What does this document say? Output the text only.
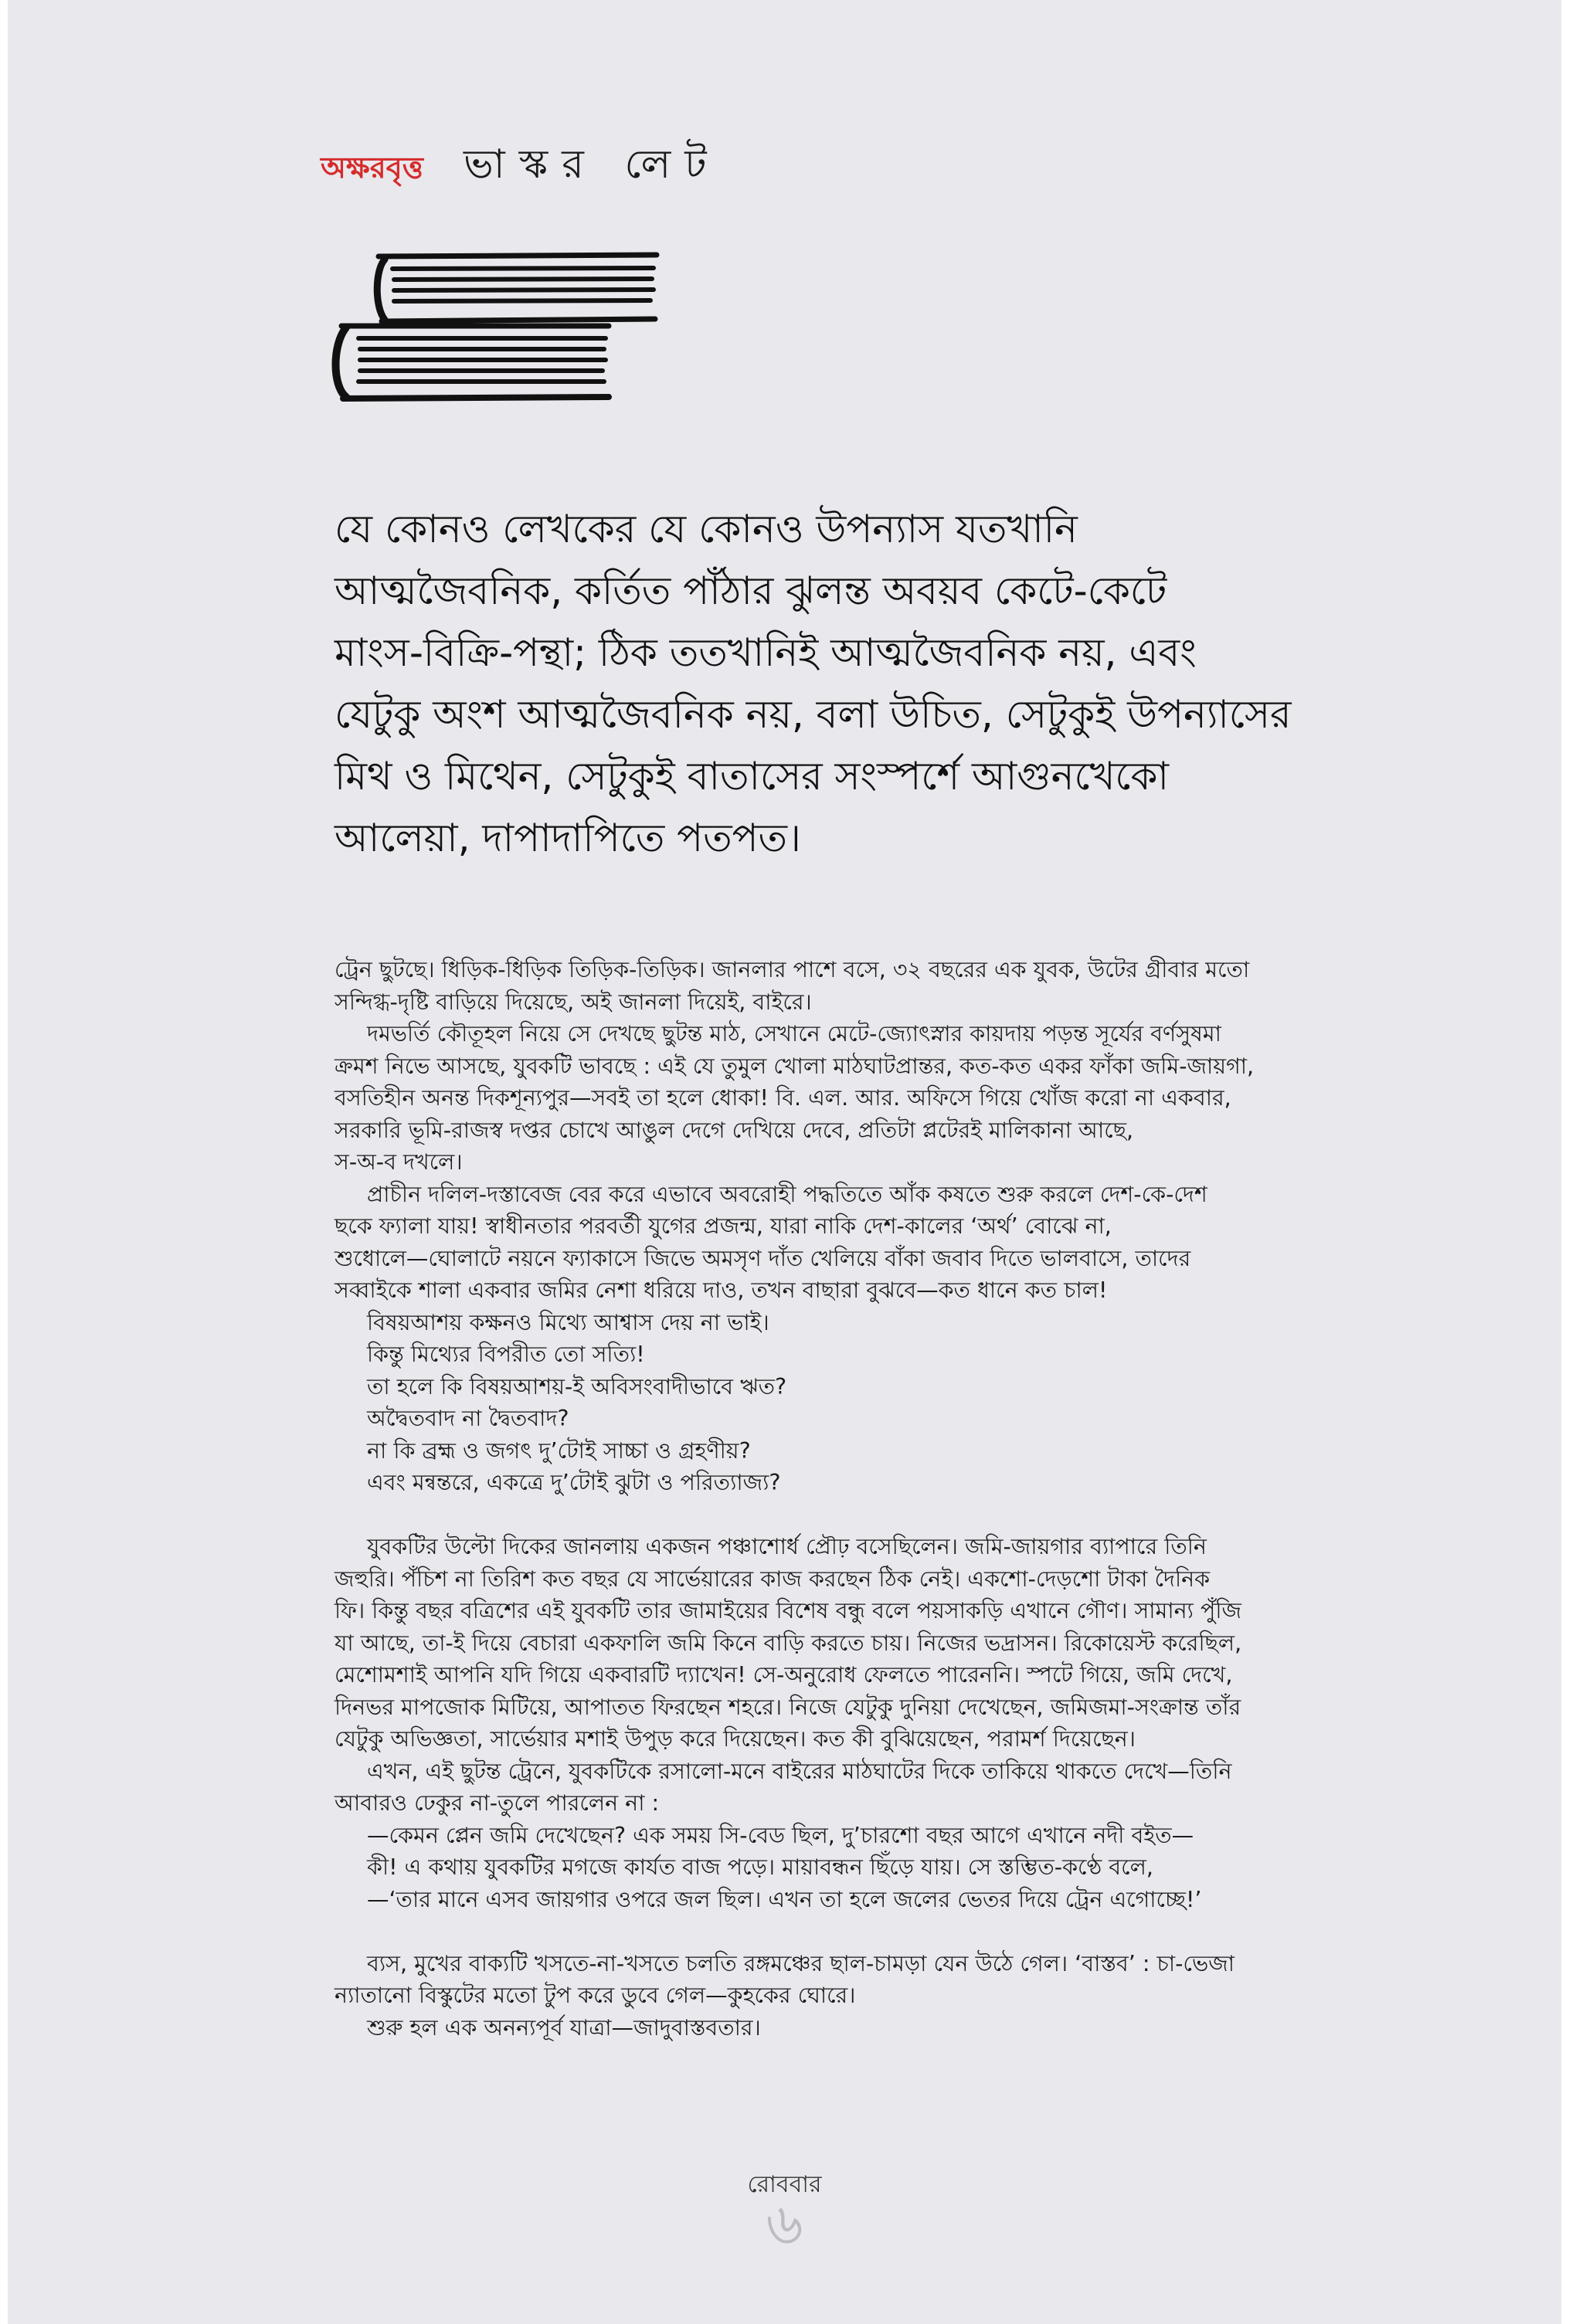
অক্ষরবৃত্ত ভাস্কর লেট
যে কোনও লেখকের যে কোনও উপন্যাস যতখানি
আত্মজৈবনিক, কর্তিত পাঁঠার ঝুলন্ত অবয়ব কেটে-কেটে
মাংস-বিক্রি-পন্থা; ঠিক ততখানিই আত্মজৈবনিক নয়, এবং
যেটুকু অংশ আত্মজৈবনিক নয়, বলা উচিত, সেটুকুই উপন্যাসের
মিথ ও মিথেন, সেটুকুই বাতাসের সংস্পর্শে আগুনখেকো
আলেয়া, দাপাদাপিতে পতপত।

ট্রেন ছুটছে। ধিড়িক-ধিড়িক তিড়িক-তিড়িক। জানলার পাশে বসে, ৩২ বছরের এক যুবক, উটের গ্রীবার মতো

সন্দিগ্ধ-দৃষ্টি বাড়িয়ে দিয়েছে, অই জানলা দিয়েই, বাইরে।

দমভর্তি কৌতূহল নিয়ে সে দেখছে ছুটন্ত মাঠ, সেখানে মেটে-জ্যোৎস্নার কায়দায় পড়ন্ত সূর্যের বর্ণসুষমা

ক্রমশ নিভে আসছে, যুবকটি ভাবছে : এই যে তুমুল খোলা মাঠঘাটপ্রান্তর, কত-কত একর ফাঁকা জমি-জায়গা,

বসতিহীন অনন্ত দিকশূন্যপুর—সবই তা হলে ধোকা! বি. এল. আর. অফিসে গিয়ে খোঁজ করো না একবার,

সরকারি ভূমি-রাজস্ব দপ্তর চোখে আঙুল দেগে দেখিয়ে দেবে, প্রতিটা প্লটেরই মালিকানা আছে,

স-অ-ব দখলে।

প্রাচীন দলিল-দস্তাবেজ বের করে এভাবে অবরোহী পদ্ধতিতে আঁক কষতে শুরু করলে দেশ-কে-দেশ

ছকে ফ্যালা যায়! স্বাধীনতার পরবর্তী যুগের প্রজন্ম, যারা নাকি দেশ-কালের ‘অর্থ’ বোঝে না,

শুধোলে—ঘোলাটে নয়নে ফ্যাকাসে জিভে অমসৃণ দাঁত খেলিয়ে বাঁকা জবাব দিতে ভালবাসে, তাদের

সব্বাইকে শালা একবার জমির নেশা ধরিয়ে দাও, তখন বাছারা বুঝবে—কত ধানে কত চাল!

বিষয়আশয় কক্ষনও মিথ্যে আশ্বাস দেয় না ভাই।

কিন্তু মিথ্যের বিপরীত তো সত্যি!

তা হলে কি বিষয়আশয়-ই অবিসংবাদীভাবে ঋত?

অদ্বৈতবাদ না দ্বৈতবাদ?

না কি ব্রহ্ম ও জগৎ দু’টোই সাচ্চা ও গ্রহণীয়?

এবং মন্বন্তরে, একত্রে দু’টোই ঝুটা ও পরিত্যাজ্য?

যুবকটির উল্টো দিকের জানলায় একজন পঞ্চাশোর্ধ প্রৌঢ় বসেছিলেন। জমি-জায়গার ব্যাপারে তিনি

জহুরি। পঁচিশ না তিরিশ কত বছর যে সার্ভেয়ারের কাজ করছেন ঠিক নেই। একশো-দেড়শো টাকা দৈনিক

ফি। কিন্তু বছর বত্রিশের এই যুবকটি তার জামাইয়ের বিশেষ বন্ধু বলে পয়সাকড়ি এখানে গৌণ। সামান্য পুঁজি

যা আছে, তা-ই দিয়ে বেচারা একফালি জমি কিনে বাড়ি করতে চায়। নিজের ভদ্রাসন। রিকোয়েস্ট করেছিল,

মেশোমশাই আপনি যদি গিয়ে একবারটি দ্যাখেন! সে-অনুরোধ ফেলতে পারেননি। স্পটে গিয়ে, জমি দেখে,

দিনভর মাপজোক মিটিয়ে, আপাতত ফিরছেন শহরে। নিজে যেটুকু দুনিয়া দেখেছেন, জমিজমা-সংক্রান্ত তাঁর

যেটুকু অভিজ্ঞতা, সার্ভেয়ার মশাই উপুড় করে দিয়েছেন। কত কী বুঝিয়েছেন, পরামর্শ দিয়েছেন।

এখন, এই ছুটন্ত ট্রেনে, যুবকটিকে রসালো-মনে বাইরের মাঠঘাটের দিকে তাকিয়ে থাকতে দেখে—তিনি

আবারও ঢেকুর না-তুলে পারলেন না :

—কেমন প্লেন জমি দেখেছেন? এক সময় সি-বেড ছিল, দু’চারশো বছর আগে এখানে নদী বইত—

কী! এ কথায় যুবকটির মগজে কার্যত বাজ পড়ে। মায়াবন্ধন ছিঁড়ে যায়। সে স্তম্ভিত-কণ্ঠে বলে,

—‘তার মানে এসব জায়গার ওপরে জল ছিল। এখন তা হলে জলের ভেতর দিয়ে ট্রেন এগোচ্ছে!’

ব্যস, মুখের বাক্যটি খসতে-না-খসতে চলতি রঙ্গমঞ্চের ছাল-চামড়া যেন উঠে গেল। ‘বাস্তব’ : চা-ভেজা

ন্যাতানো বিস্কুটের মতো টুপ করে ডুবে গেল—কুহকের ঘোরে।

শুরু হল এক অনন্যপূর্ব যাত্রা—জাদুবাস্তবতার।

রোববার
৬
